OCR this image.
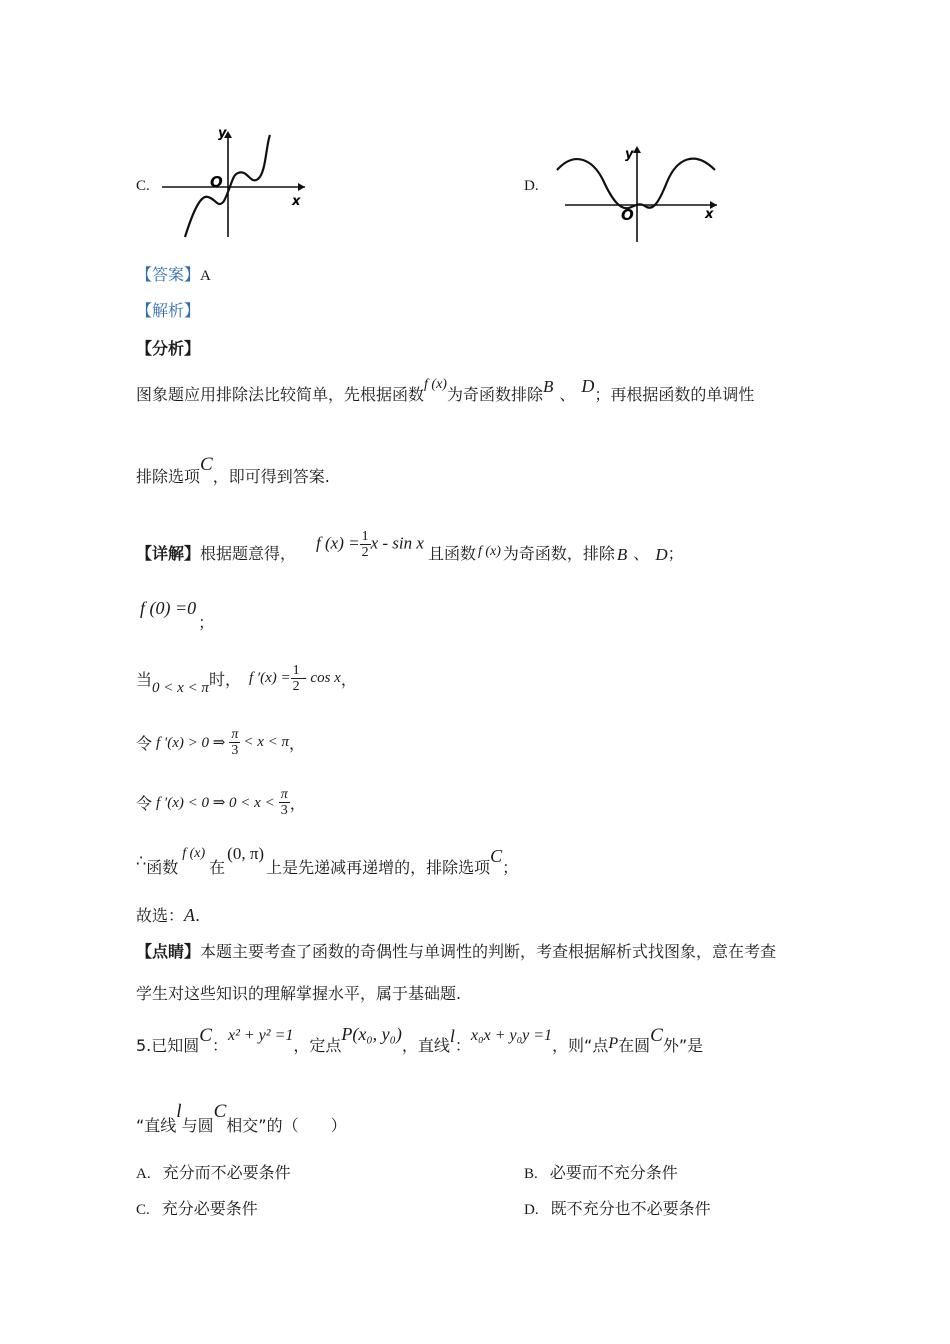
C.
y
x
O	D.
y
x
O
【答案】A
【解析】
【分析】
图象题应用排除法比较简单，先根据函数f (x)为奇函数排除B 、 D；再根据函数的单调性
排除选项C，即可得到答案.
【详解】 根据题意得，
f $(x) = \frac{1}{2}$ x - sin x
且函数 f (x) 为奇函数，排除 B 、 D ；
f (0) =0；
当 0 < x < π 时， f $'(x) = \frac{1}{2} - \cos x$ ，
令 f ′(x) > 0 ⇒ $\frac{\pi}{3} < x < \pi$ ，
令 f ′(x) < 0 ⇒ $0 < x < \frac{\pi}{3}$ ，
∴ 函数
f (x)
在
(0, π)
上是先递减再递增的，排除选项
C
；
故选：A.
【点睛】本题主要考查了函数的奇偶性与单调性的判断，考查根据解析式找图象，意在考查
学生对这些知识的理解掌握水平，属于基础题.
5.已知圆 C ： x² + y² =1 ，定点
P(x₀, y₀)
，直线 l ： x₀x + y₀y =1 ，则“点 P 在圆 C 外”是
“直线
l
与圆
C
相交”的（　　）
A. 充分而不必要条件	B. 必要而不充分条件
C. 充分必要条件	D. 既不充分也不必要条件
